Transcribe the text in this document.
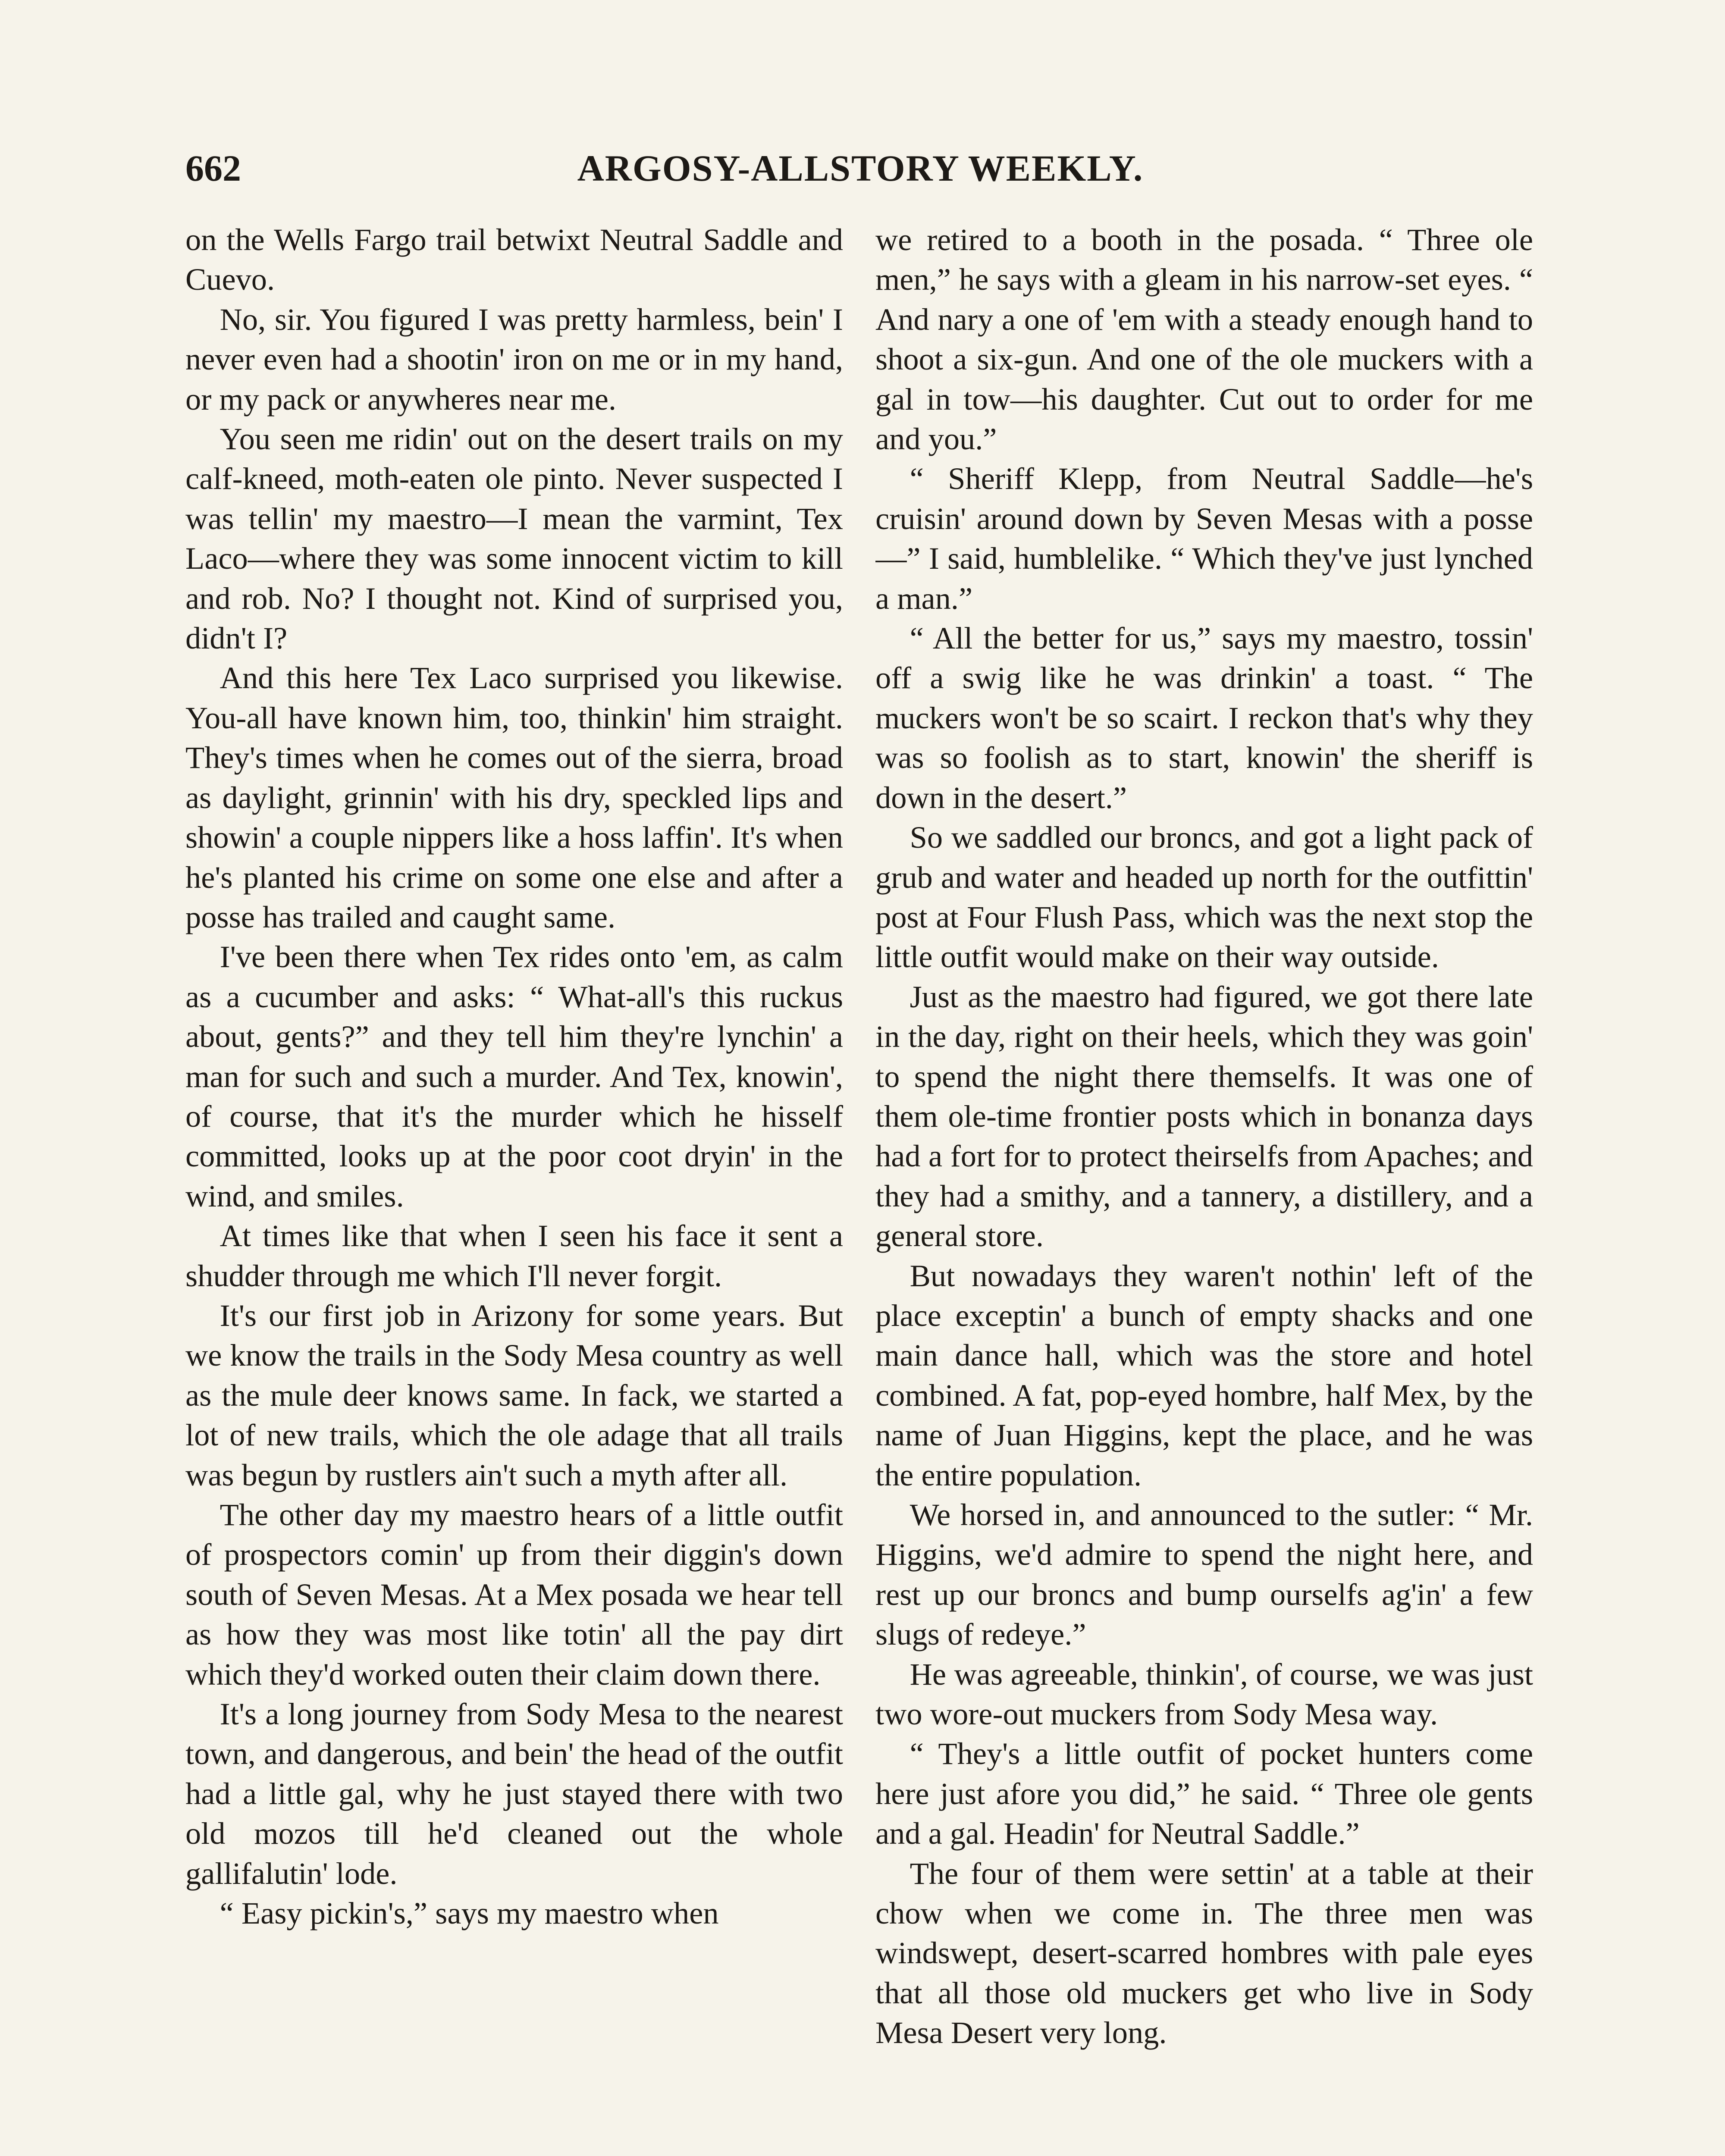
662	ARGOSY-ALLSTORY WEEKLY.

on the Wells Fargo trail betwixt Neutral Saddle and Cuevo.

No, sir. You figured I was pretty harmless, bein' I never even had a shootin' iron on me or in my hand, or my pack or anywheres near me.

You seen me ridin' out on the desert trails on my calf-kneed, moth-eaten ole pinto. Never suspected I was tellin' my maestro—I mean the varmint, Tex Laco—where they was some innocent victim to kill and rob. No? I thought not. Kind of surprised you, didn't I?

And this here Tex Laco surprised you likewise. You-all have known him, too, thinkin' him straight. They's times when he comes out of the sierra, broad as daylight, grinnin' with his dry, speckled lips and showin' a couple nippers like a hoss laffin'. It's when he's planted his crime on some one else and after a posse has trailed and caught same.

I've been there when Tex rides onto 'em, as calm as a cucumber and asks: “ What-all's this ruckus about, gents?” and they tell him they're lynchin' a man for such and such a murder. And Tex, knowin', of course, that it's the murder which he hisself committed, looks up at the poor coot dryin' in the wind, and smiles.

At times like that when I seen his face it sent a shudder through me which I'll never forgit.

It's our first job in Arizony for some years. But we know the trails in the Sody Mesa country as well as the mule deer knows same. In fack, we started a lot of new trails, which the ole adage that all trails was begun by rustlers ain't such a myth after all.

The other day my maestro hears of a little outfit of prospectors comin' up from their diggin's down south of Seven Mesas. At a Mex posada we hear tell as how they was most like totin' all the pay dirt which they'd worked outen their claim down there.

It's a long journey from Sody Mesa to the nearest town, and dangerous, and bein' the head of the outfit had a little gal, why he just stayed there with two old mozos till he'd cleaned out the whole gallifalutin' lode.

“ Easy pickin's,” says my maestro when

we retired to a booth in the posada. “ Three ole men,” he says with a gleam in his narrow-set eyes. “ And nary a one of 'em with a steady enough hand to shoot a six-gun. And one of the ole muckers with a gal in tow—his daughter. Cut out to order for me and you.”

“ Sheriff Klepp, from Neutral Saddle—he's cruisin' around down by Seven Mesas with a posse—” I said, humblelike. “ Which they've just lynched a man.”

“ All the better for us,” says my maestro, tossin' off a swig like he was drinkin' a toast. “ The muckers won't be so scairt. I reckon that's why they was so foolish as to start, knowin' the sheriff is down in the desert.”

So we saddled our broncs, and got a light pack of grub and water and headed up north for the outfittin' post at Four Flush Pass, which was the next stop the little outfit would make on their way outside.

Just as the maestro had figured, we got there late in the day, right on their heels, which they was goin' to spend the night there themselfs. It was one of them ole-time frontier posts which in bonanza days had a fort for to protect theirselfs from Apaches; and they had a smithy, and a tannery, a distillery, and a general store.

But nowadays they waren't nothin' left of the place exceptin' a bunch of empty shacks and one main dance hall, which was the store and hotel combined. A fat, pop-eyed hombre, half Mex, by the name of Juan Higgins, kept the place, and he was the entire population.

We horsed in, and announced to the sutler: “ Mr. Higgins, we'd admire to spend the night here, and rest up our broncs and bump ourselfs ag'in' a few slugs of redeye.”

He was agreeable, thinkin', of course, we was just two wore-out muckers from Sody Mesa way.

“ They's a little outfit of pocket hunters come here just afore you did,” he said. “ Three ole gents and a gal. Headin' for Neutral Saddle.”

The four of them were settin' at a table at their chow when we come in. The three men was windswept, desert-scarred hombres with pale eyes that all those old muckers get who live in Sody Mesa Desert very long.
